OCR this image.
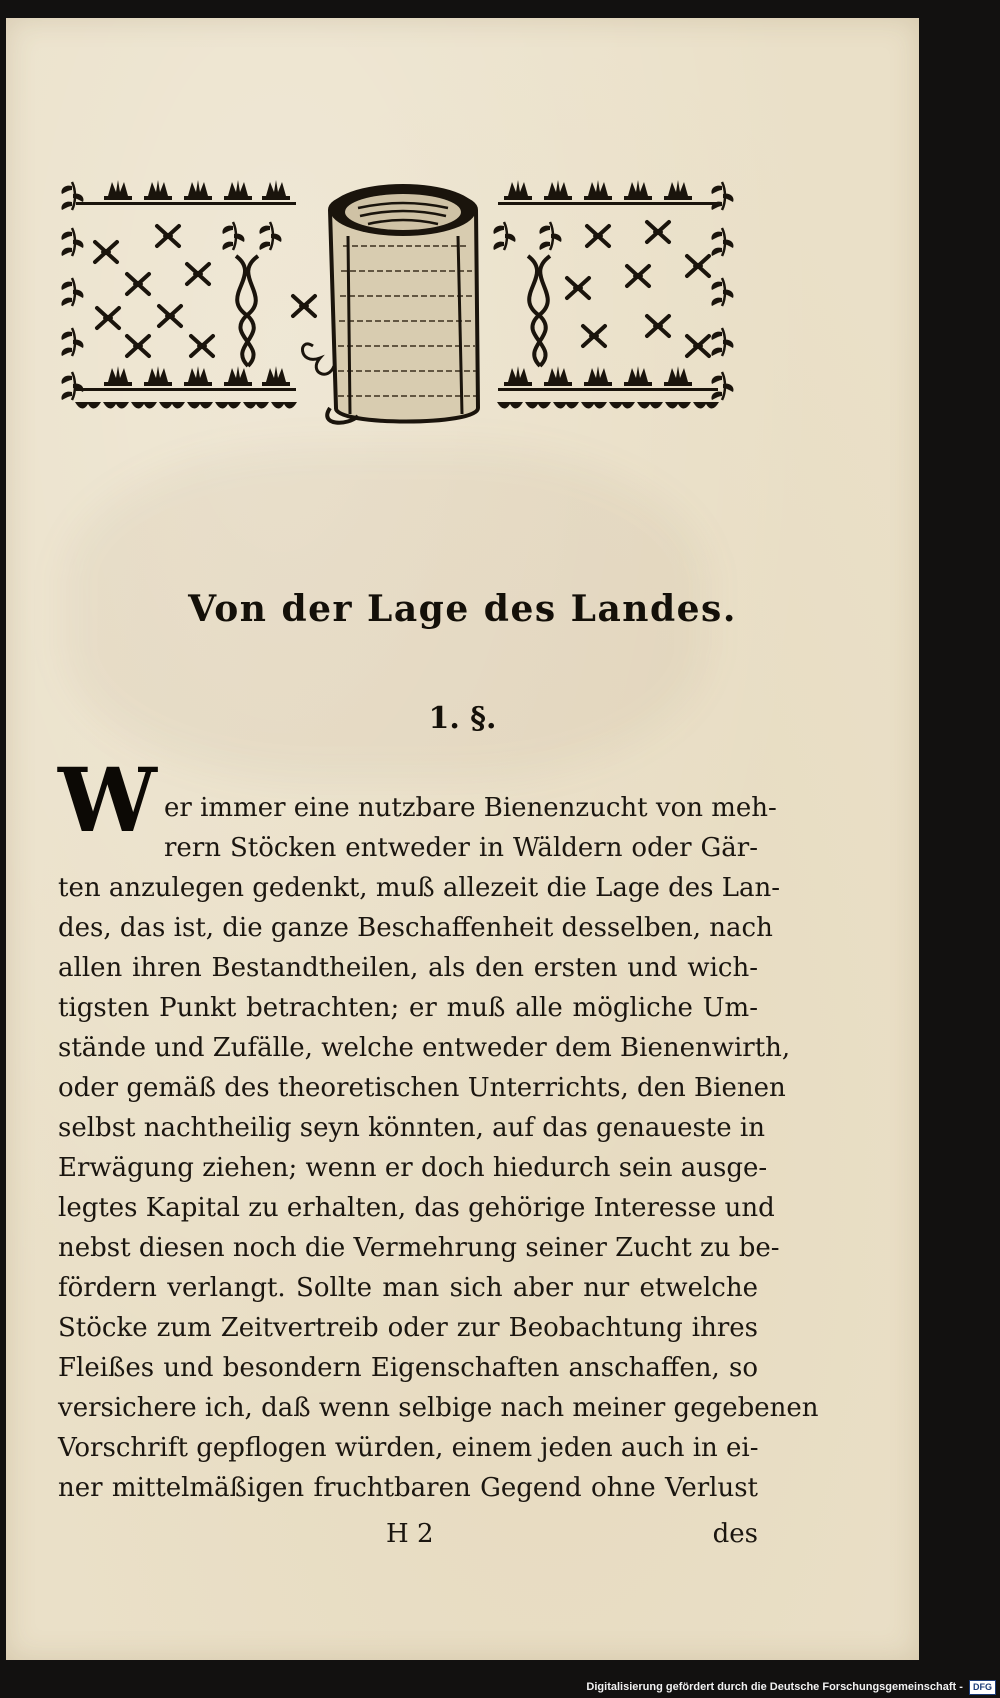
Von der Lage des Landes.
1. §.
W er immer eine nutzbare Bienenzucht von meh-
rern Stöcken entweder in Wäldern oder Gär-
ten anzulegen gedenkt, muß allezeit die Lage des Lan-
des, das ist, die ganze Beschaffenheit desselben, nach
allen ihren Bestandtheilen, als den ersten und wich-
tigsten Punkt betrachten; er muß alle mögliche Um-
stände und Zufälle, welche entweder dem Bienenwirth,
oder gemäß des theoretischen Unterrichts, den Bienen
selbst nachtheilig seyn könnten, auf das genaueste in
Erwägung ziehen; wenn er doch hiedurch sein ausge-
legtes Kapital zu erhalten, das gehörige Interesse und
nebst diesen noch die Vermehrung seiner Zucht zu be-
fördern verlangt. Sollte man sich aber nur etwelche
Stöcke zum Zeitvertreib oder zur Beobachtung ihres
Fleißes und besondern Eigenschaften anschaffen, so
versichere ich, daß wenn selbige nach meiner gegebenen
Vorschrift gepflogen würden, einem jeden auch in ei-
ner mittelmäßigen fruchtbaren Gegend ohne Verlust
H 2	des
Digitalisierung gefördert durch die Deutsche Forschungsgemeinschaft - DFG
